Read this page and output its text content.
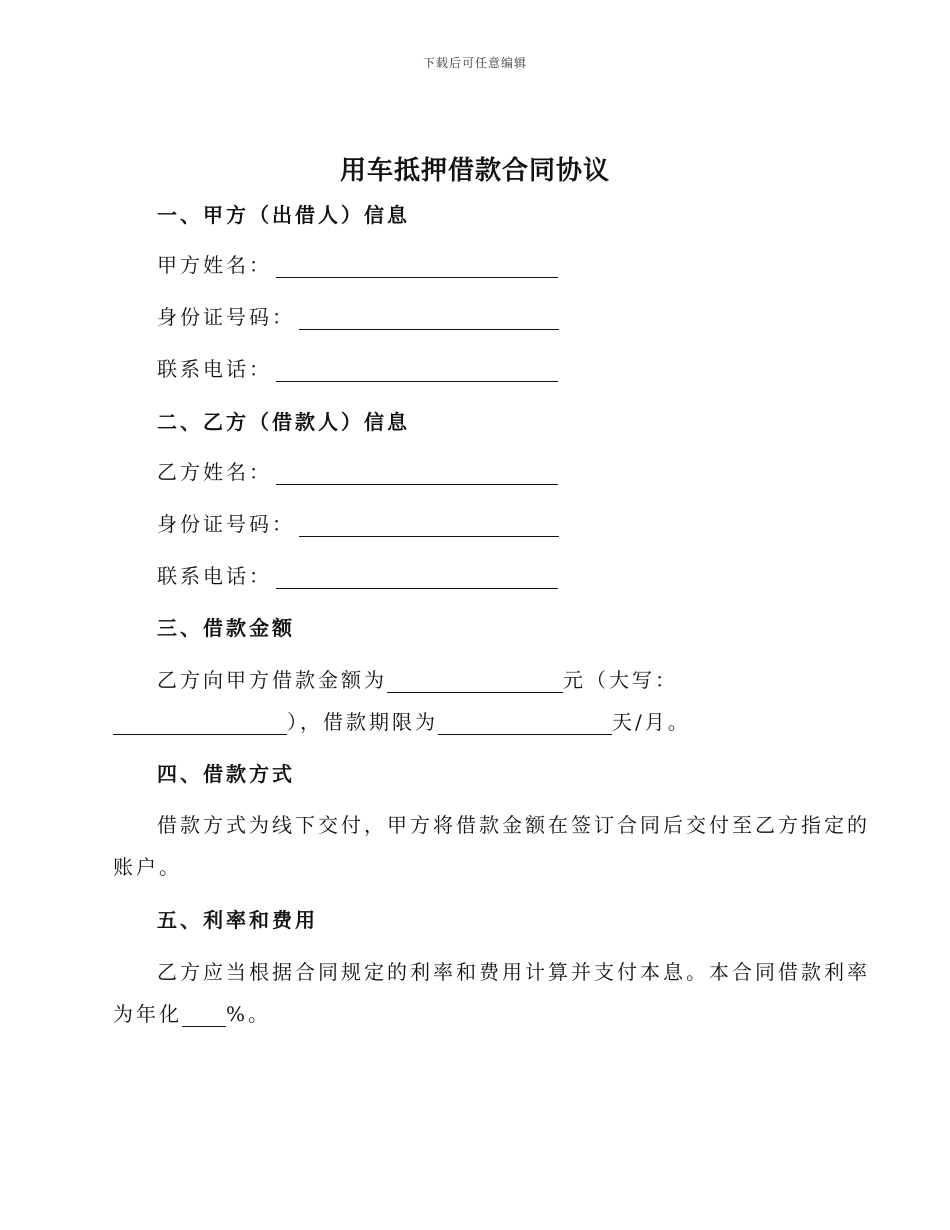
下载后可任意编辑
用车抵押借款合同协议
一、甲方（出借人）信息
甲方姓名：
身份证号码：
联系电话：
二、乙方（借款人）信息
乙方姓名：
身份证号码：
联系电话：
三、借款金额
乙方向甲方借款金额为	元（大写：
），借款期限为	天/月。
四、借款方式
借款方式为线下交付，甲方将借款金额在签订合同后交付至乙方指定的
账户。
五、利率和费用
乙方应当根据合同规定的利率和费用计算并支付本息。本合同借款利率
为年化 %。
